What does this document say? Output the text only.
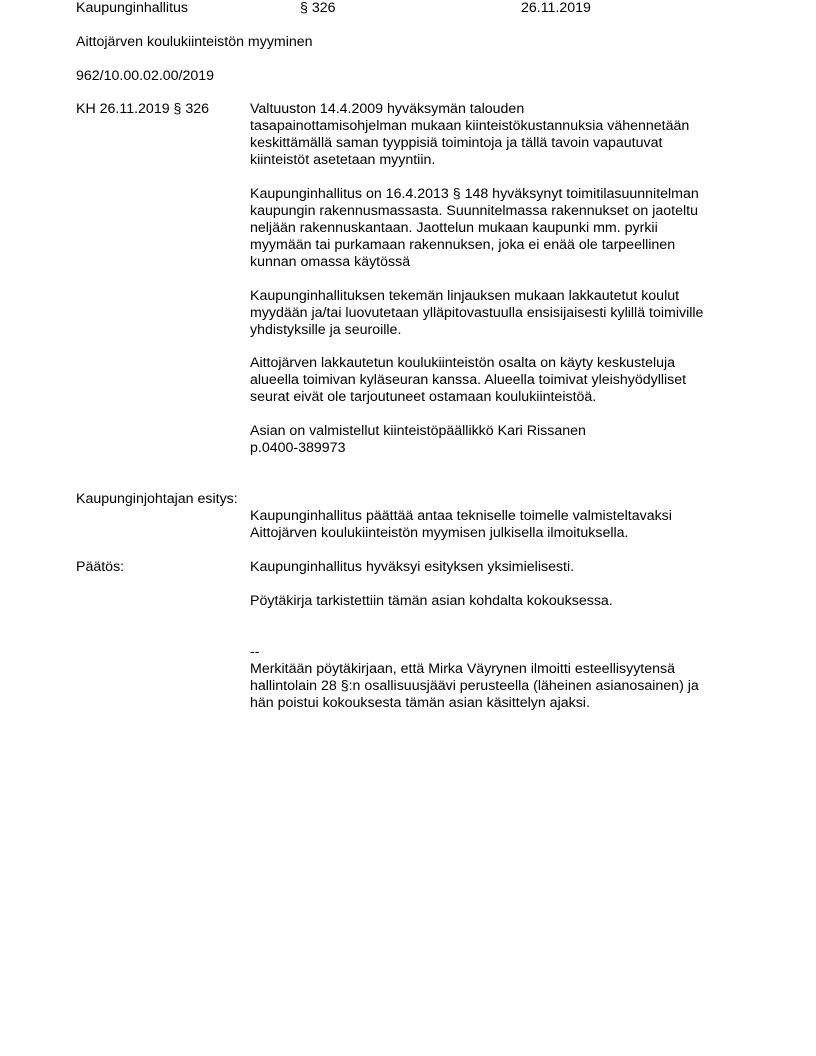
Kaupunginhallitus	§ 326	26.11.2019
Aittojärven koulukiinteistön myyminen
962/10.00.02.00/2019
KH 26.11.2019 § 326	Valtuuston 14.4.2009 hyväksymän talouden
tasapainottamisohjelman mukaan kiinteistökustannuksia vähennetään
keskittämällä saman tyyppisiä toimintoja ja tällä tavoin vapautuvat
kiinteistöt asetetaan myyntiin.
Kaupunginhallitus on 16.4.2013 § 148 hyväksynyt toimitilasuunnitelman
kaupungin rakennusmassasta. Suunnitelmassa rakennukset on jaoteltu
neljään rakennuskantaan. Jaottelun mukaan kaupunki mm. pyrkii
myymään tai purkamaan rakennuksen, joka ei enää ole tarpeellinen
kunnan omassa käytössä
Kaupunginhallituksen tekemän linjauksen mukaan lakkautetut koulut
myydään ja/tai luovutetaan ylläpitovastuulla ensisijaisesti kylillä toimiville
yhdistyksille ja seuroille.
Aittojärven lakkautetun koulukiinteistön osalta on käyty keskusteluja
alueella toimivan kyläseuran kanssa. Alueella toimivat yleishyödylliset
seurat eivät ole tarjoutuneet ostamaan koulukiinteistöä.
Asian on valmistellut kiinteistöpäällikkö Kari Rissanen
p.0400-389973
Kaupunginjohtajan esitys:
Kaupunginhallitus päättää antaa tekniselle toimelle valmisteltavaksi
Aittojärven koulukiinteistön myymisen julkisella ilmoituksella.
Päätös:	Kaupunginhallitus hyväksyi esityksen yksimielisesti.
Pöytäkirja tarkistettiin tämän asian kohdalta kokouksessa.
--
Merkitään pöytäkirjaan, että Mirka Väyrynen ilmoitti esteellisyytensä
hallintolain 28 §:n osallisuusjäävi perusteella (läheinen asianosainen) ja
hän poistui kokouksesta tämän asian käsittelyn ajaksi.
